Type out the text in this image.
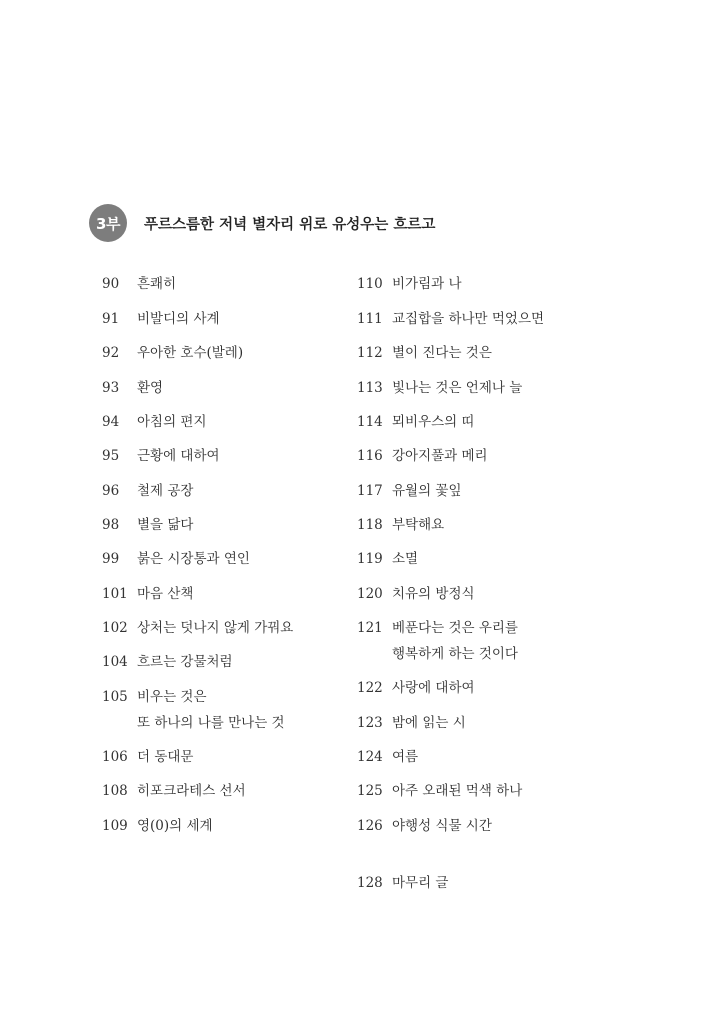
3부	푸르스름한 저녁 별자리 위로 유성우는 흐르고
90	흔쾌히
91	비발디의 사계
92	우아한 호수(발레)
93	환영
94	아침의 편지
95	근황에 대하여
96	철제 공장
98	별을 닮다
99	붉은 시장통과 연인
101 마음 산책
102 상처는 덧나지 않게 가꿔요
104 흐르는 강물처럼
105 비우는 것은
또 하나의 나를 만나는 것
106 더 동대문
108 히포크라테스 선서
109 영(0)의 세계
110 비가림과 나
111 교집합을 하나만 먹었으면
112 별이 진다는 것은
113 빛나는 것은 언제나 늘
114 뫼비우스의 띠
116 강아지풀과 메리
117 유월의 꽃잎
118 부탁해요
119 소멸
120 치유의 방정식
121 베푼다는 것은 우리를
행복하게 하는 것이다
122 사랑에 대하여
123 밤에 읽는 시
124 여름
125 아주 오래된 먹색 하나
126 야행성 식물 시간
128 마무리 글
